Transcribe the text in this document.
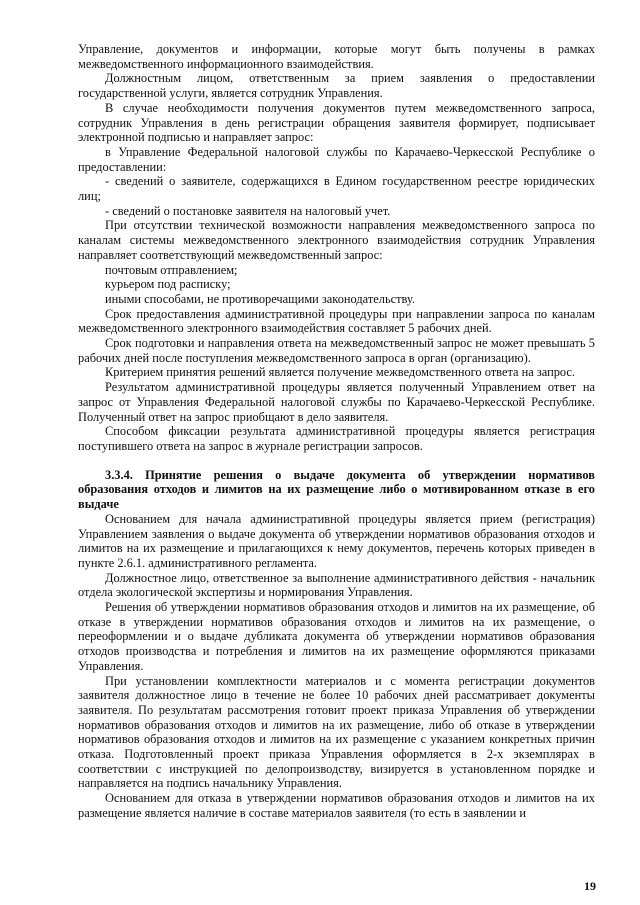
Управление, документов и информации, которые могут быть получены в рамках межведомственного информационного взаимодействия.

Должностным лицом, ответственным за прием заявления о предоставлении государственной услуги, является сотрудник Управления.

В случае необходимости получения документов путем межведомственного запроса, сотрудник Управления в день регистрации обращения заявителя формирует, подписывает электронной подписью и направляет запрос:

в Управление Федеральной налоговой службы по Карачаево-Черкесской Республике о предоставлении:

- сведений о заявителе, содержащихся в Едином государственном реестре юридических лиц;

- сведений о постановке заявителя на налоговый учет.

При отсутствии технической возможности направления межведомственного запроса по каналам системы межведомственного электронного взаимодействия сотрудник Управления направляет соответствующий межведомственный запрос:

почтовым отправлением;

курьером под расписку;

иными способами, не противоречащими законодательству.

Срок предоставления административной процедуры при направлении запроса по каналам межведомственного электронного взаимодействия составляет 5 рабочих дней.

Срок подготовки и направления ответа на межведомственный запрос не может превышать 5 рабочих дней после поступления межведомственного запроса в орган (организацию).

Критерием принятия решений является получение межведомственного ответа на запрос.

Результатом административной процедуры является полученный Управлением ответ на запрос от Управления Федеральной налоговой службы по Карачаево-Черкесской Республике. Полученный ответ на запрос приобщают в дело заявителя.

Способом фиксации результата административной процедуры является регистрация поступившего ответа на запрос в журнале регистрации запросов.

3.3.4. Принятие решения о выдаче документа об утверждении нормативов образования отходов и лимитов на их размещение либо о мотивированном отказе в его выдаче

Основанием для начала административной процедуры является прием (регистрация) Управлением заявления о выдаче документа об утверждении нормативов образования отходов и лимитов на их размещение и прилагающихся к нему документов, перечень которых приведен в пункте 2.6.1. административного регламента.

Должностное лицо, ответственное за выполнение административного действия - начальник отдела экологической экспертизы и нормирования Управления.

Решения об утверждении нормативов образования отходов и лимитов на их размещение, об отказе в утверждении нормативов образования отходов и лимитов на их размещение, о переоформлении и о выдаче дубликата документа об утверждении нормативов образования отходов производства и потребления и лимитов на их размещение оформляются приказами Управления.

При установлении комплектности материалов и с момента регистрации документов заявителя должностное лицо в течение не более 10 рабочих дней рассматривает документы заявителя. По результатам рассмотрения готовит проект приказа Управления об утверждении нормативов образования отходов и лимитов на их размещение, либо об отказе в утверждении нормативов образования отходов и лимитов на их размещение с указанием конкретных причин отказа. Подготовленный проект приказа Управления оформляется в 2-х экземплярах в соответствии с инструкцией по делопроизводству, визируется в установленном порядке и направляется на подпись начальнику Управления.

Основанием для отказа в утверждении нормативов образования отходов и лимитов на их размещение является наличие в составе материалов заявителя (то есть в заявлении и

19
